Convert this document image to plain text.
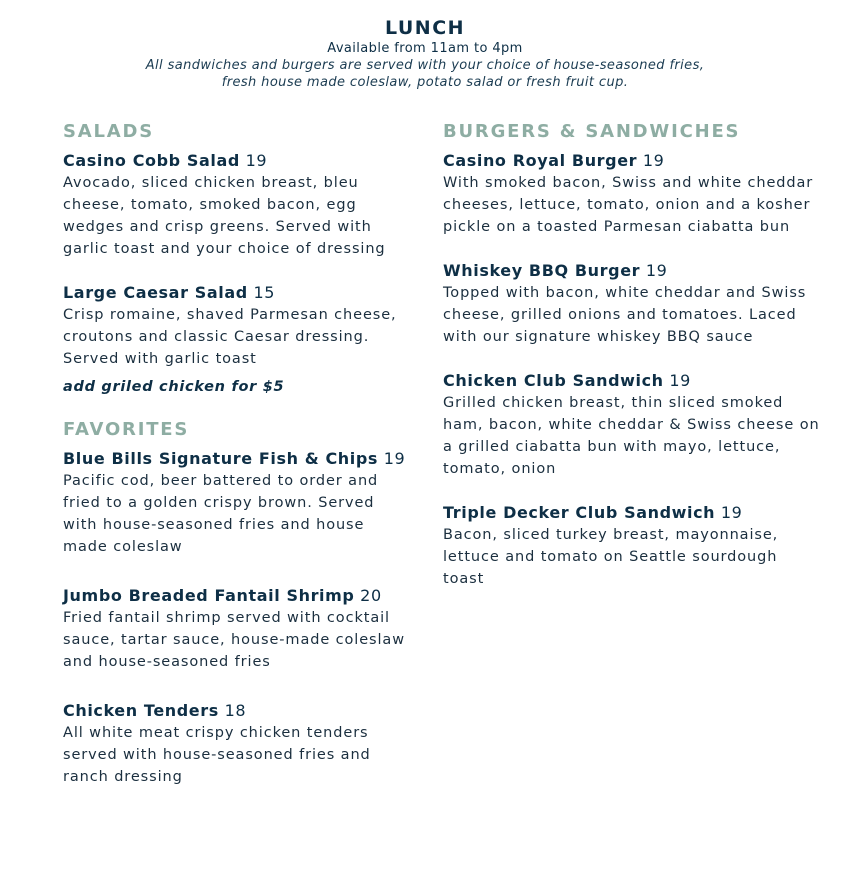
LUNCH
Available from 11am to 4pm
All sandwiches and burgers are served with your choice of house-seasoned fries,
fresh house made coleslaw, potato salad or fresh fruit cup.
SALADS
Casino Cobb Salad 19
Avocado, sliced chicken breast, bleu cheese, tomato, smoked bacon, egg wedges and crisp greens. Served with garlic toast and your choice of dressing
Large Caesar Salad 15
Crisp romaine, shaved Parmesan cheese, croutons and classic Caesar dressing. Served with garlic toast
add griled chicken for $5
FAVORITES
Blue Bills Signature Fish & Chips 19
Pacific cod, beer battered to order and fried to a golden crispy brown. Served with house-seasoned fries and house made coleslaw
Jumbo Breaded Fantail Shrimp 20
Fried fantail shrimp served with cocktail sauce, tartar sauce, house-made coleslaw and house-seasoned fries
Chicken Tenders 18
All white meat crispy chicken tenders served with house-seasoned fries and ranch dressing
BURGERS & SANDWICHES
Casino Royal Burger 19
With smoked bacon, Swiss and white cheddar cheeses, lettuce, tomato, onion and a kosher pickle on a toasted Parmesan ciabatta bun
Whiskey BBQ Burger 19
Topped with bacon, white cheddar and Swiss cheese, grilled onions and tomatoes. Laced with our signature whiskey BBQ sauce
Chicken Club Sandwich 19
Grilled chicken breast, thin sliced smoked ham, bacon, white cheddar & Swiss cheese on a grilled ciabatta bun with mayo, lettuce, tomato, onion
Triple Decker Club Sandwich 19
Bacon, sliced turkey breast, mayonnaise, lettuce and tomato on Seattle sourdough toast
